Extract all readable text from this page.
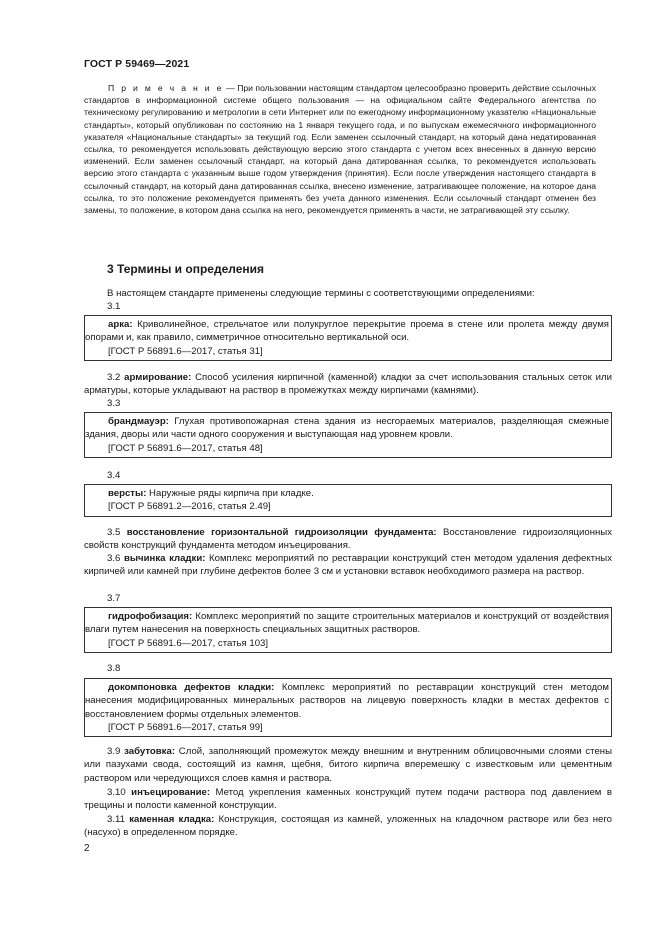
ГОСТ Р 59469—2021
П р и м е ч а н и е — При пользовании настоящим стандартом целесообразно проверить действие ссылочных стандартов в информационной системе общего пользования — на официальном сайте Федерального агентства по техническому регулированию и метрологии в сети Интернет или по ежегодному информационному указателю «Национальные стандарты», который опубликован по состоянию на 1 января текущего года, и по выпускам ежемесячного информационного указателя «Национальные стандарты» за текущий год. Если заменен ссылочный стандарт, на который дана недатированная ссылка, то рекомендуется использовать действующую версию этого стандарта с учетом всех внесенных в данную версию изменений. Если заменен ссылочный стандарт, на который дана датированная ссылка, то рекомендуется использовать версию этого стандарта с указанным выше годом утверждения (принятия). Если после утверждения настоящего стандарта в ссылочный стандарт, на который дана датированная ссылка, внесено изменение, затрагивающее положение, на которое дана ссылка, то это положение рекомендуется применять без учета данного изменения. Если ссылочный стандарт отменен без замены, то положение, в котором дана ссылка на него, рекомендуется применять в части, не затрагивающей эту ссылку.
3 Термины и определения
В настоящем стандарте применены следующие термины с соответствующими определениями:
3.1
арка: Криволинейное, стрельчатое или полукруглое перекрытие проема в стене или пролета между двумя опорами и, как правило, симметричное относительно вертикальной оси.
[ГОСТ Р 56891.6—2017, статья 31]
3.2 армирование: Способ усиления кирпичной (каменной) кладки за счет использования стальных сеток или арматуры, которые укладывают на раствор в промежутках между кирпичами (камнями).
3.3
брандмауэр: Глухая противопожарная стена здания из несгораемых материалов, разделяющая смежные здания, дворы или части одного сооружения и выступающая над уровнем кровли.
[ГОСТ Р 56891.6—2017, статья 48]
3.4
версты: Наружные ряды кирпича при кладке.
[ГОСТ Р 56891.2—2016, статья 2.49]
3.5 восстановление горизонтальной гидроизоляции фундамента: Восстановление гидроизоляционных свойств конструкций фундамента методом инъецирования.
3.6 вычинка кладки: Комплекс мероприятий по реставрации конструкций стен методом удаления дефектных кирпичей или камней при глубине дефектов более 3 см и установки вставок необходимого размера на раствор.
3.7
гидрофобизация: Комплекс мероприятий по защите строительных материалов и конструкций от воздействия влаги путем нанесения на поверхность специальных защитных растворов.
[ГОСТ Р 56891.6—2017, статья 103]
3.8
докомпоновка дефектов кладки: Комплекс мероприятий по реставрации конструкций стен методом нанесения модифицированных минеральных растворов на лицевую поверхность кладки в местах дефектов с восстановлением формы отдельных элементов.
[ГОСТ Р 56891.6—2017, статья 99]
3.9 забутовка: Слой, заполняющий промежуток между внешним и внутренним облицовочными слоями стены или пазухами свода, состоящий из камня, щебня, битого кирпича вперемешку с известковым или цементным раствором или чередующихся слоев камня и раствора.
3.10 инъецирование: Метод укрепления каменных конструкций путем подачи раствора под давлением в трещины и полости каменной конструкции.
3.11 каменная кладка: Конструкция, состоящая из камней, уложенных на кладочном растворе или без него (насухо) в определенном порядке.
2
